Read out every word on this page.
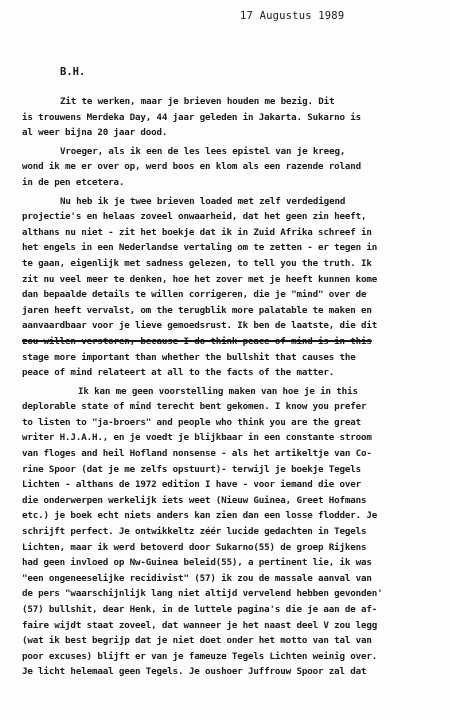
17 Augustus 1989
B.H.
Zit te werken, maar je brieven houden me bezig. Dit
is trouwens Merdeka Day, 44 jaar geleden in Jakarta. Sukarno is
al weer bijna 20 jaar dood.
Vroeger, als ik een de les lees epistel van je kreeg,
wond ik me er over op, werd boos en klom als een razende roland
in de pen etcetera.
Nu heb ik je twee brieven loaded met zelf verdedigend
projectie's en helaas zoveel onwaarheid, dat het geen zin heeft,
althans nu niet - zit het boekje dat ik in Zuid Afrika schreef in
het engels in een Nederlandse vertaling om te zetten - er tegen in
te gaan, eigenlijk met sadness gelezen, to tell you the truth. Ik
zit nu veel meer te denken, hoe het zover met je heeft kunnen kome
dan bepaalde details te willen corrigeren, die je "mind" over de
jaren heeft vervalst, om the terugblik more palatable te maken en
aanvaardbaar voor je lieve gemoedsrust. Ik ben de laatste, die dit
zou willen verstoren, because I do think peace of mind is in this
stage more important than whether the bullshit that causes the
peace of mind relateert at all to the facts of the matter.
Ik kan me geen voorstelling maken van hoe je in this
deplorable state of mind terecht bent gekomen. I know you prefer
to listen to "ja-broers" and people who think you are the great
writer H.J.A.H., en je voedt je blijkbaar in een constante stroom
van floges and heil Hofland nonsense - als het artikeltje van Co-
rine Spoor (dat je me zelfs opstuurt)- terwijl je boekje Tegels
Lichten - althans de 1972 edition I have - voor iemand die over
die onderwerpen werkelijk iets weet (Nieuw Guinea, Greet Hofmans
etc.) je boek echt niets anders kan zien dan een losse flodder. Je
schrijft perfect. Je ontwikkeltz zéér lucide gedachten in Tegels
Lichten, maar ik werd betoverd door Sukarno(55) de groep Rijkens
had geen invloed op Nw-Guinea beleid(55), a pertinent lie, ik was
"een ongeneeselijke recidivist" (57) ik zou de massale aanval van
de pers "waarschijnlijk lang niet altijd vervelend hebben gevonden'
(57) bullshit, dear Henk, in de luttele pagina's die je aan de af-
faire wijdt staat zoveel, dat wanneer je het naast deel V zou legg
(wat ik best begrijp dat je niet doet onder het motto van tal van
poor excuses) blijft er van je fameuze Tegels Lichten weinig over.
Je licht helemaal geen Tegels. Je oushoer Juffrouw Spoor zal dat
